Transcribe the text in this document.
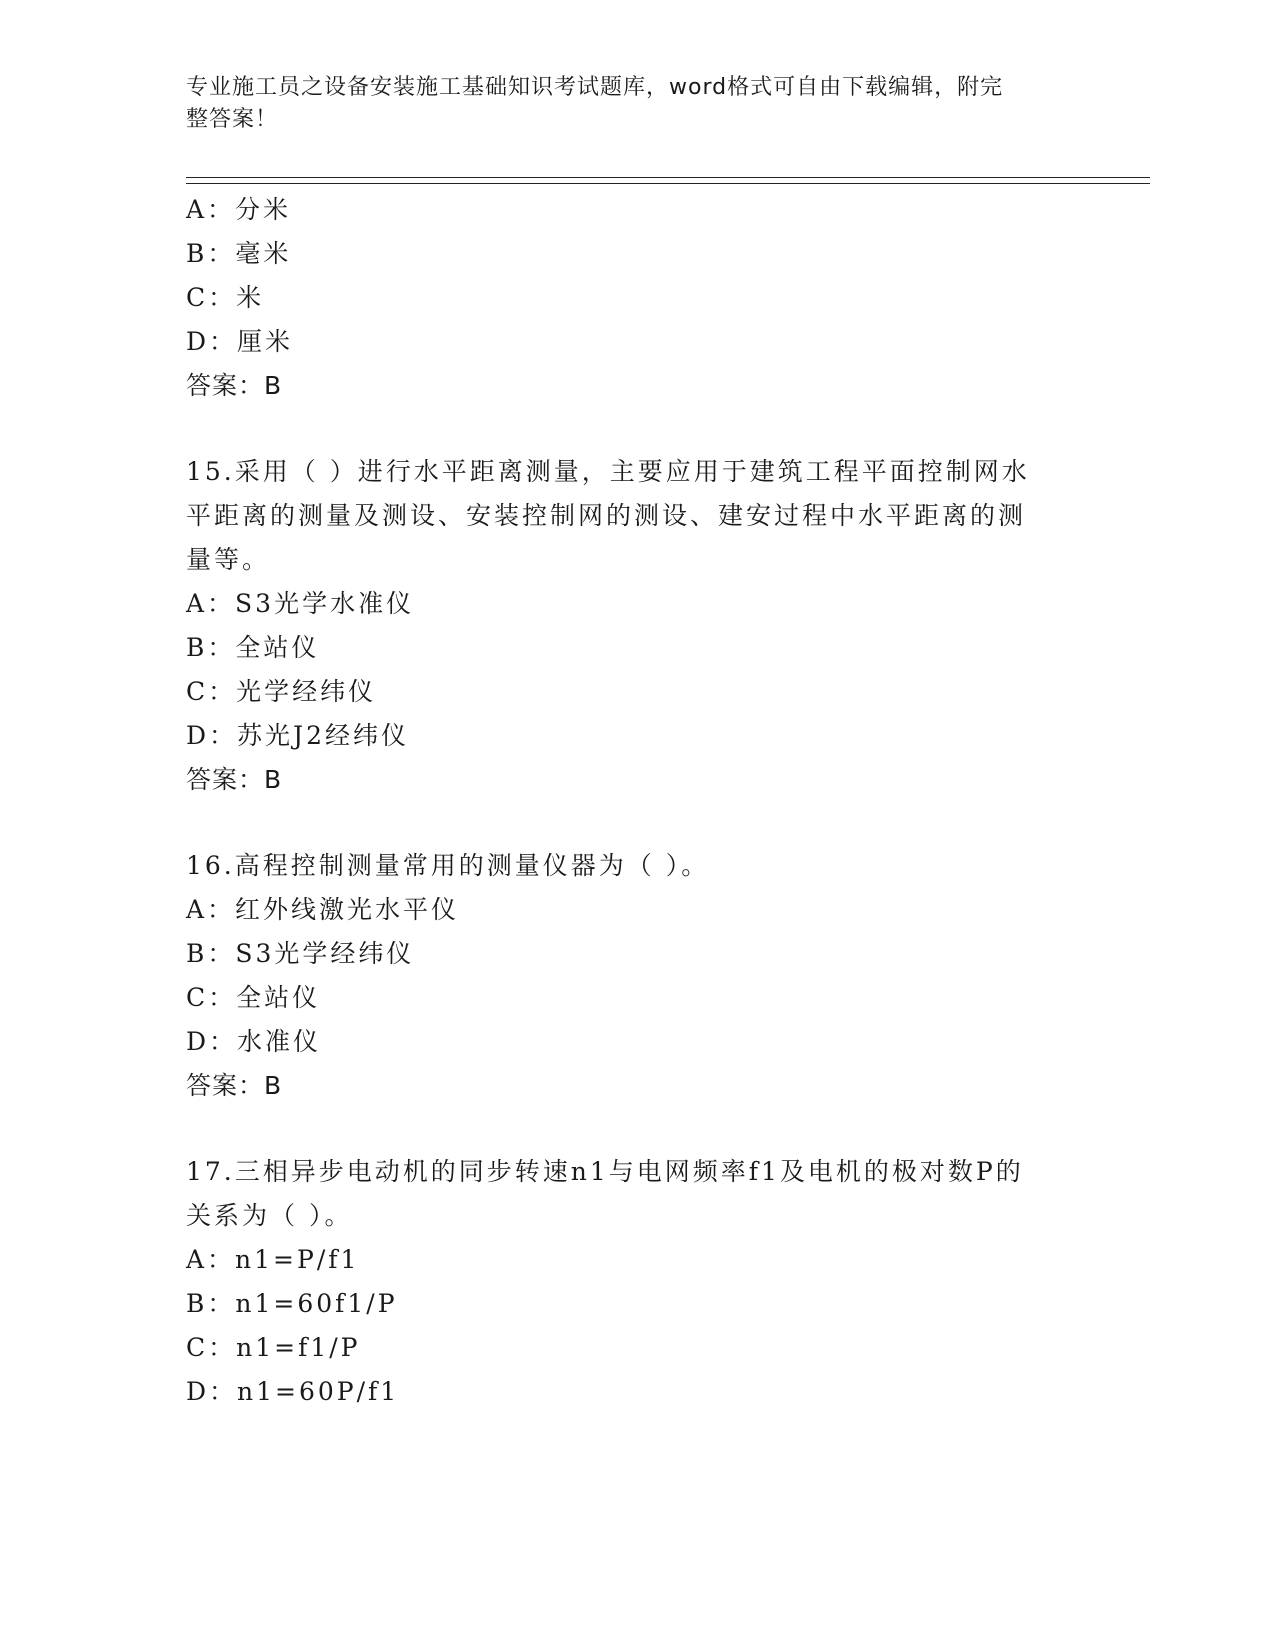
专业施工员之设备安装施工基础知识考试题库，word格式可自由下载编辑，附完
整答案！
A：分米
B：毫米
C：米
D：厘米
答案：B
15.采用（ ）进行水平距离测量，主要应用于建筑工程平面控制网水
平距离的测量及测设、安装控制网的测设、建安过程中水平距离的测
量等。
A：S3光学水准仪
B：全站仪
C：光学经纬仪
D：苏光J2经纬仪
答案：B
16.高程控制测量常用的测量仪器为（ ）。
A：红外线激光水平仪
B：S3光学经纬仪
C：全站仪
D：水准仪
答案：B
17.三相异步电动机的同步转速n1与电网频率f1及电机的极对数P的
关系为（ ）。
A：n1=P/f1
B：n1=60f1/P
C：n1=f1/P
D：n1=60P/f1
